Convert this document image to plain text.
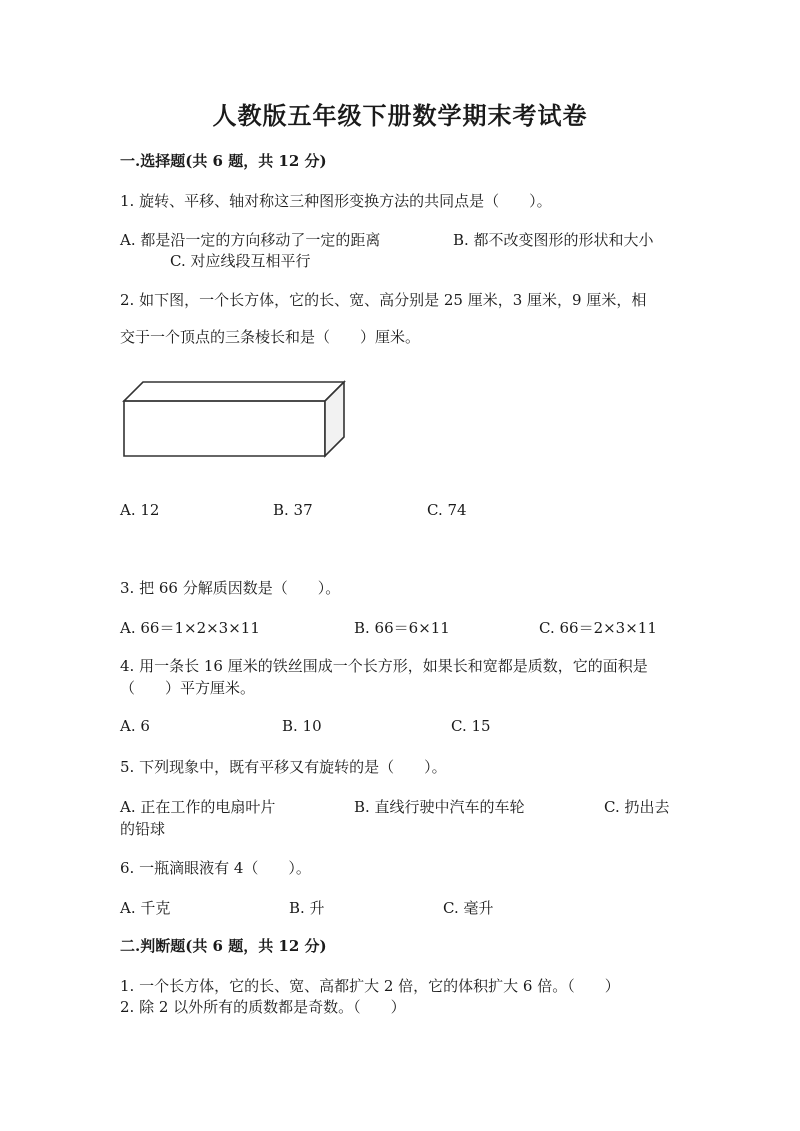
人教版五年级下册数学期末考试卷
一.选择题(共 6 题，共 12 分)
1. 旋转、平移、轴对称这三种图形变换方法的共同点是（　　）。
A. 都是沿一定的方向移动了一定的距离	B. 都不改变图形的形状和大小
C. 对应线段互相平行
2. 如下图，一个长方体，它的长、宽、高分别是 25 厘米，3 厘米，9 厘米，相
交于一个顶点的三条棱长和是（　　）厘米。
A. 12	B. 37	C. 74
3. 把 66 分解质因数是（　　）。
A. 66＝1×2×3×11	B. 66＝6×11	C. 66＝2×3×11
4. 用一条长 16 厘米的铁丝围成一个长方形，如果长和宽都是质数，它的面积是
（　　）平方厘米。
A. 6	B. 10	C. 15
5. 下列现象中，既有平移又有旋转的是（　　）。
A. 正在工作的电扇叶片	B. 直线行驶中汽车的车轮	C. 扔出去
的铅球
6. 一瓶滴眼液有 4（　　）。
A. 千克	B. 升	C. 毫升
二.判断题(共 6 题，共 12 分)
1. 一个长方体，它的长、宽、高都扩大 2 倍，它的体积扩大 6 倍。（　　）
2. 除 2 以外所有的质数都是奇数。（　　）
